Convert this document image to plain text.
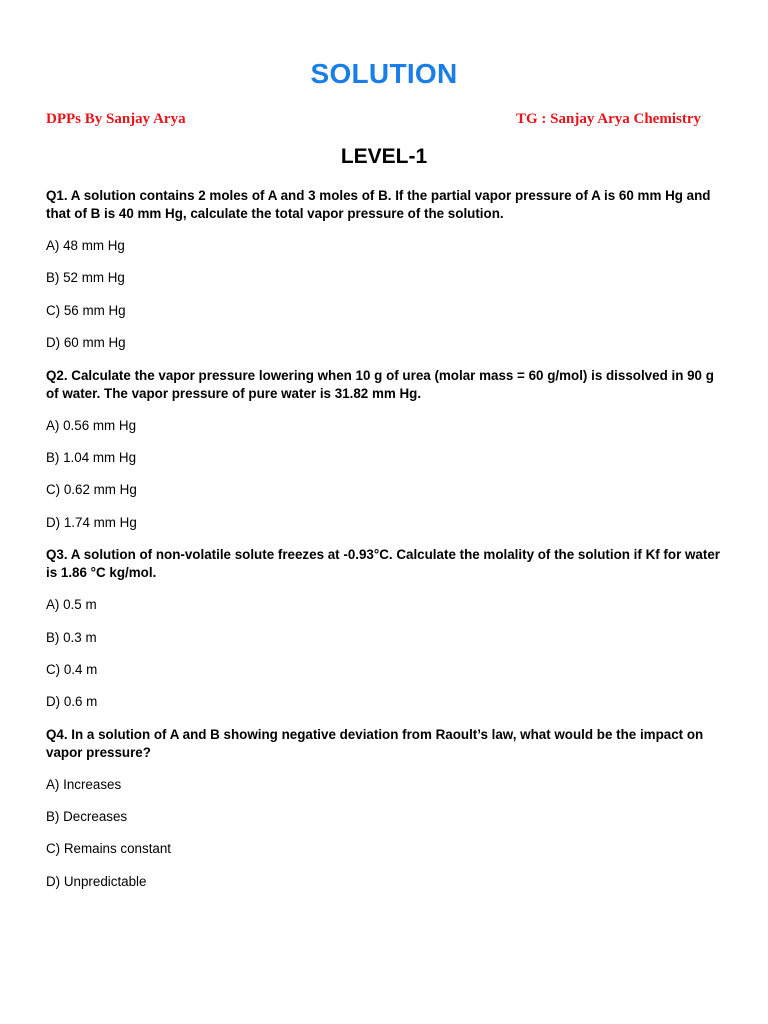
SOLUTION
DPPs By Sanjay Arya	TG : Sanjay Arya Chemistry
LEVEL-1
Q1. A solution contains 2 moles of A and 3 moles of B. If the partial vapor pressure of A is 60 mm Hg and that of B is 40 mm Hg, calculate the total vapor pressure of the solution.
A) 48 mm Hg
B) 52 mm Hg
C) 56 mm Hg
D) 60 mm Hg
Q2. Calculate the vapor pressure lowering when 10 g of urea (molar mass = 60 g/mol) is dissolved in 90 g of water. The vapor pressure of pure water is 31.82 mm Hg.
A) 0.56 mm Hg
B) 1.04 mm Hg
C) 0.62 mm Hg
D) 1.74 mm Hg
Q3. A solution of non-volatile solute freezes at -0.93°C. Calculate the molality of the solution if Kf for water is 1.86 °C kg/mol.
A) 0.5 m
B) 0.3 m
C) 0.4 m
D) 0.6 m
Q4. In a solution of A and B showing negative deviation from Raoult’s law, what would be the impact on vapor pressure?
A) Increases
B) Decreases
C) Remains constant
D) Unpredictable
